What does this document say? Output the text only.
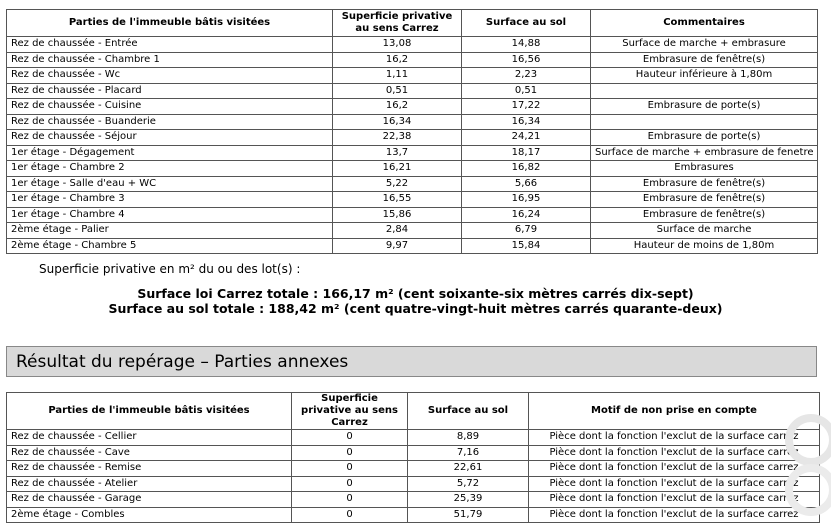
Parties de l'immeuble bâtis visitées	Superficie privative au sens Carrez	Surface au sol	Commentaires
Rez de chaussée - Entrée	13,08	14,88	Surface de marche + embrasure
Rez de chaussée - Chambre 1	16,2	16,56	Embrasure de fenêtre(s)
Rez de chaussée - Wc	1,11	2,23	Hauteur inférieure à 1,80m
Rez de chaussée - Placard	0,51	0,51	
Rez de chaussée - Cuisine	16,2	17,22	Embrasure de porte(s)
Rez de chaussée - Buanderie	16,34	16,34	
Rez de chaussée - Séjour	22,38	24,21	Embrasure de porte(s)
1er étage - Dégagement	13,7	18,17	Surface de marche + embrasure de fenetre
1er étage - Chambre 2	16,21	16,82	Embrasures
1er étage - Salle d'eau + WC	5,22	5,66	Embrasure de fenêtre(s)
1er étage - Chambre 3	16,55	16,95	Embrasure de fenêtre(s)
1er étage - Chambre 4	15,86	16,24	Embrasure de fenêtre(s)
2ème étage - Palier	2,84	6,79	Surface de marche
2ème étage - Chambre 5	9,97	15,84	Hauteur de moins de 1,80m
Superficie privative en m² du ou des lot(s) :
Surface loi Carrez totale : 166,17 m² (cent soixante-six mètres carrés dix-sept)
Surface au sol totale : 188,42 m² (cent quatre-vingt-huit mètres carrés quarante-deux)
Résultat du repérage – Parties annexes
Parties de l'immeuble bâtis visitées	Superficie privative au sens Carrez	Surface au sol	Motif de non prise en compte
Rez de chaussée - Cellier	0	8,89	Pièce dont la fonction l'exclut de la surface carrez
Rez de chaussée - Cave	0	7,16	Pièce dont la fonction l'exclut de la surface carrez
Rez de chaussée - Remise	0	22,61	Pièce dont la fonction l'exclut de la surface carrez
Rez de chaussée - Atelier	0	5,72	Pièce dont la fonction l'exclut de la surface carrez
Rez de chaussée - Garage	0	25,39	Pièce dont la fonction l'exclut de la surface carrez
2ème étage - Combles	0	51,79	Pièce dont la fonction l'exclut de la surface carrez
